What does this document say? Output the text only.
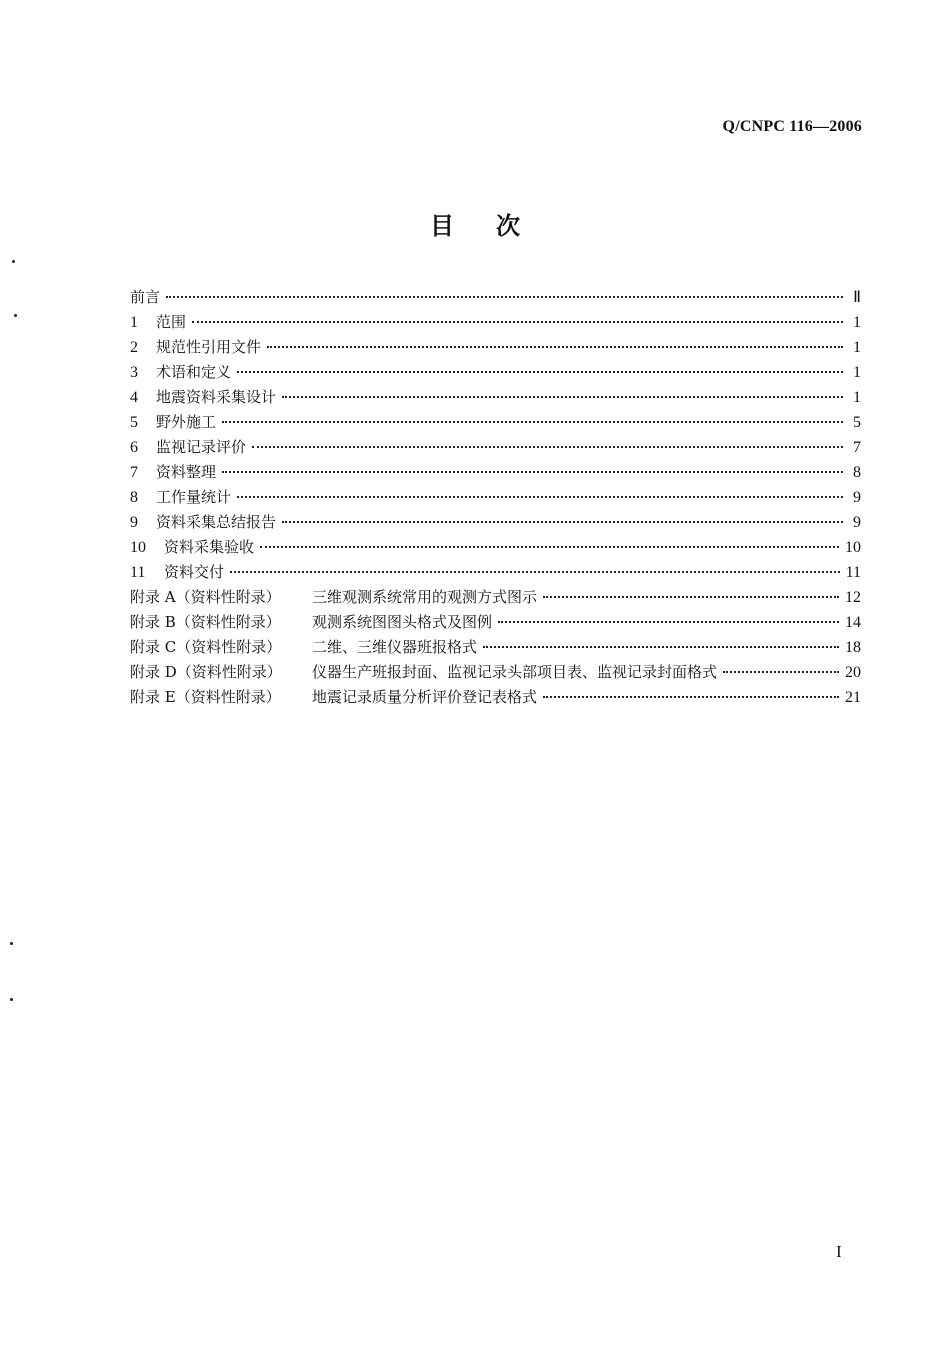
Q/CNPC 116—2006
目 次
前言	Ⅱ
1	范围	1
2	规范性引用文件	1
3	术语和定义	1
4	地震资料采集设计	1
5	野外施工	5
6	监视记录评价	7
7	资料整理	8
8	工作量统计	9
9	资料采集总结报告	9
10	资料采集验收	10
11	资料交付	11
附录 A（资料性附录）	三维观测系统常用的观测方式图示	12
附录 B（资料性附录）	观测系统图图头格式及图例	14
附录 C（资料性附录）	二维、三维仪器班报格式	18
附录 D（资料性附录）	仪器生产班报封面、监视记录头部项目表、监视记录封面格式	20
附录 E（资料性附录）	地震记录质量分析评价登记表格式	21
I
